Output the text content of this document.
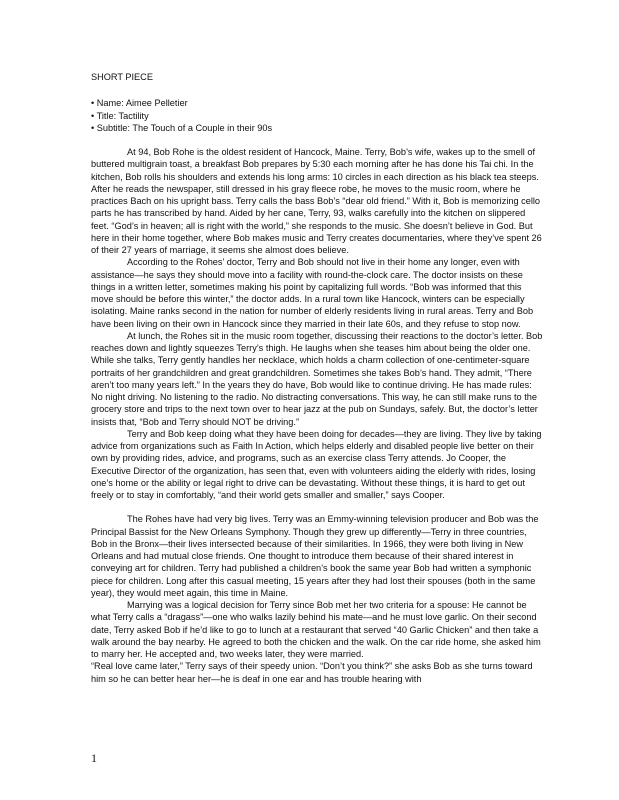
SHORT PIECE
• Name: Aimee Pelletier
• Title: Tactility
• Subtitle: The Touch of a Couple in their 90s

At 94, Bob Rohe is the oldest resident of Hancock, Maine. Terry, Bob’s wife, wakes up to the smell of buttered multigrain toast, a breakfast Bob prepares by 5:30 each morning after he has done his Tai chi. In the kitchen, Bob rolls his shoulders and extends his long arms: 10 circles in each direction as his black tea steeps. After he reads the newspaper, still dressed in his gray fleece robe, he moves to the music room, where he practices Bach on his upright bass. Terry calls the bass Bob’s “dear old friend.” With it, Bob is memorizing cello parts he has transcribed by hand. Aided by her cane, Terry, 93, walks carefully into the kitchen on slippered feet. “God’s in heaven; all is right with the world,” she responds to the music. She doesn’t believe in God. But here in their home together, where Bob makes music and Terry creates documentaries, where they’ve spent 26 of their 27 years of marriage, it seems she almost does believe.

According to the Rohes’ doctor, Terry and Bob should not live in their home any longer, even with assistance—he says they should move into a facility with round-the-clock care. The doctor insists on these things in a written letter, sometimes making his point by capitalizing full words. “Bob was informed that this move should be before this winter,” the doctor adds. In a rural town like Hancock, winters can be especially isolating. Maine ranks second in the nation for number of elderly residents living in rural areas. Terry and Bob have been living on their own in Hancock since they married in their late 60s, and they refuse to stop now.

At lunch, the Rohes sit in the music room together, discussing their reactions to the doctor’s letter. Bob reaches down and lightly squeezes Terry’s thigh. He laughs when she teases him about being the older one. While she talks, Terry gently handles her necklace, which holds a charm collection of one-centimeter-square portraits of her grandchildren and great grandchildren. Sometimes she takes Bob’s hand. They admit, “There aren’t too many years left.” In the years they do have, Bob would like to continue driving. He has made rules: No night driving. No listening to the radio. No distracting conversations. This way, he can still make runs to the grocery store and trips to the next town over to hear jazz at the pub on Sundays, safely. But, the doctor’s letter insists that, “Bob and Terry should NOT be driving.”

Terry and Bob keep doing what they have been doing for decades—they are living. They live by taking advice from organizations such as Faith In Action, which helps elderly and disabled people live better on their own by providing rides, advice, and programs, such as an exercise class Terry attends. Jo Cooper, the Executive Director of the organization, has seen that, even with volunteers aiding the elderly with rides, losing one’s home or the ability or legal right to drive can be devastating. Without these things, it is hard to get out freely or to stay in comfortably, “and their world gets smaller and smaller,” says Cooper.

The Rohes have had very big lives. Terry was an Emmy-winning television producer and Bob was the Principal Bassist for the New Orleans Symphony. Though they grew up differently—Terry in three countries, Bob in the Bronx—their lives intersected because of their similarities. In 1966, they were both living in New Orleans and had mutual close friends. One thought to introduce them because of their shared interest in conveying art for children. Terry had published a children’s book the same year Bob had written a symphonic piece for children. Long after this casual meeting, 15 years after they had lost their spouses (both in the same year), they would meet again, this time in Maine.

Marrying was a logical decision for Terry since Bob met her two criteria for a spouse: He cannot be what Terry calls a “dragass”—one who walks lazily behind his mate—and he must love garlic. On their second date, Terry asked Bob if he’d like to go to lunch at a restaurant that served “40 Garlic Chicken” and then take a walk around the bay nearby. He agreed to both the chicken and the walk. On the car ride home, she asked him to marry her. He accepted and, two weeks later, they were married.

“Real love came later,” Terry says of their speedy union. “Don’t you think?” she asks Bob as she turns toward him so he can better hear her—he is deaf in one ear and has trouble hearing with

1
